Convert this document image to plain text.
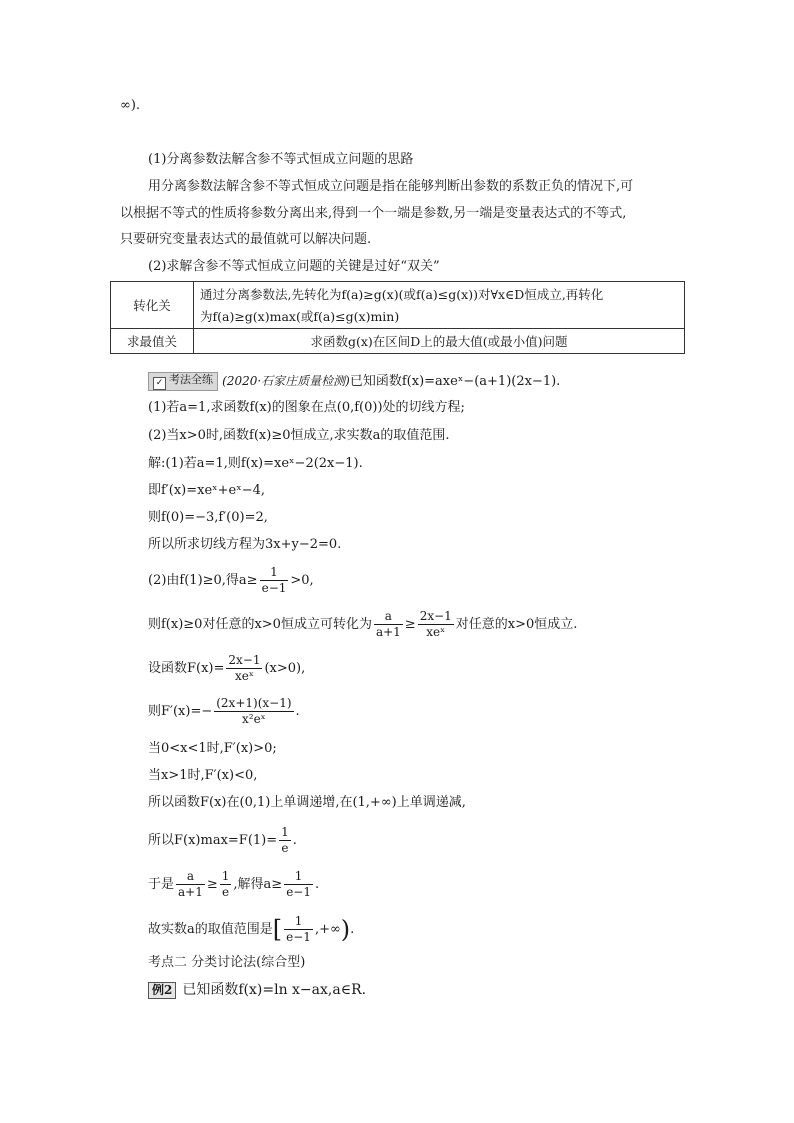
∞).
(1)分离参数法解含参不等式恒成立问题的思路
用分离参数法解含参不等式恒成立问题是指在能够判断出参数的系数正负的情况下,可
以根据不等式的性质将参数分离出来,得到一个一端是参数,另一端是变量表达式的不等式,
只要研究变量表达式的最值就可以解决问题.
(2)求解含参不等式恒成立问题的关键是过好“双关”
转化关	通过分离参数法,先转化为f(a)≥g(x)(或f(a)≤g(x))对∀x∈D恒成立,再转化
为f(a)≥g(x)max(或f(a)≤g(x)min)

求最值关	求函数g(x)在区间D上的最大值(或最小值)问题
✓ 考法全练 (2020·石家庄质量检测)已知函数f(x)=axeˣ−(a+1)(2x−1).
(1)若a=1,求函数f(x)的图象在点(0,f(0))处的切线方程;
(2)当x>0时,函数f(x)≥0恒成立,求实数a的取值范围.
解:(1)若a=1,则f(x)=xeˣ−2(2x−1).
即f′(x)=xeˣ+eˣ−4,
则f(0)=−3,f′(0)=2,
所以所求切线方程为3x+y−2=0.
(2)由f(1)≥0,得$a\ge \frac{1}{e-1} >0$,
则f(x)≥0对任意的x>0恒成立可转化为 $\frac{a}{a+1} \ge \frac{2x-1}{\text{xeˣ}}$ 对任意的x>0恒成立.
设函数$F(x)= \frac{2x-1}{\text{xeˣ}} (x>0)$,
则$F'(x)=- \frac{(2x+1)(x-1)}{\text{x²eˣ}}$ .
当0<x<1时,F′(x)>0;
当x>1时,F′(x)<0,
所以函数F(x)在(0,1)上单调递增,在(1,+∞)上单调递减,
所以$F(x)\max=F(1)= \frac{1}{e}$ .
于是 $\frac{a}{a+1} \ge \frac{1}{e}$ ,解得$a\ge \frac{1}{e-1}$ .
故实数a的取值范围是[ $\frac{1}{e-1}$ ,+∞).
考点二 分类讨论法(综合型)
例2 已知函数f(x)=ln x−ax,a∈R.
